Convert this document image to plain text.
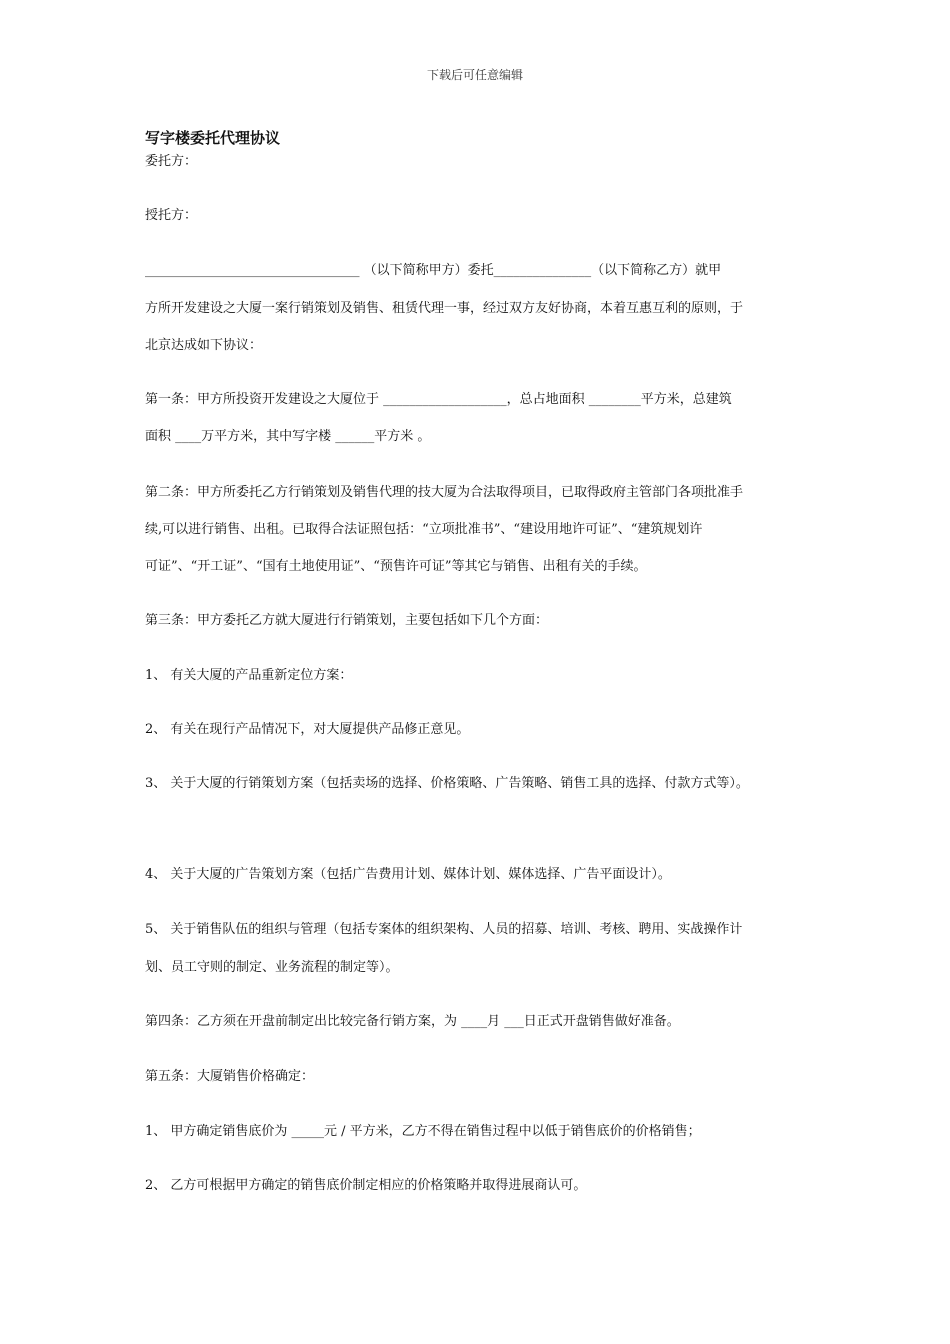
下载后可任意编辑
写字楼委托代理协议
委托方：
授托方：
_________________________________ （以下简称甲方）委托_______________（以下简称乙方）就甲
方所开发建设之大厦一案行销策划及销售、租赁代理一事，经过双方友好协商，本着互惠互利的原则，于
北京达成如下协议：
第一条：甲方所投资开发建设之大厦位于 ___________________，总占地面积 ________平方米，总建筑
面积 ____万平方米，其中写字楼 ______平方米 。
第二条：甲方所委托乙方行销策划及销售代理的技大厦为合法取得项目，已取得政府主管部门各项批准手
续,可以进行销售、出租。已取得合法证照包括：“立项批准书”、“建设用地许可证”、“建筑规划许
可证”、“开工证”、“国有土地使用证”、“预售许可证”等其它与销售、出租有关的手续。
第三条：甲方委托乙方就大厦进行行销策划，主要包括如下几个方面：
1、 有关大厦的产品重新定位方案：
2、 有关在现行产品情况下，对大厦提供产品修正意见。
3、 关于大厦的行销策划方案（包括卖场的选择、价格策略、广告策略、销售工具的选择、付款方式等）。
4、 关于大厦的广告策划方案（包括广告费用计划、媒体计划、媒体选择、广告平面设计）。
5、 关于销售队伍的组织与管理（包括专案体的组织架构、人员的招募、培训、考核、聘用、实战操作计
划、员工守则的制定、业务流程的制定等）。
第四条：乙方须在开盘前制定出比较完备行销方案，为 ____月 ___日正式开盘销售做好准备。
第五条：大厦销售价格确定：
1、 甲方确定销售底价为 _____元 / 平方米，乙方不得在销售过程中以低于销售底价的价格销售；
2、 乙方可根据甲方确定的销售底价制定相应的价格策略并取得进展商认可。
